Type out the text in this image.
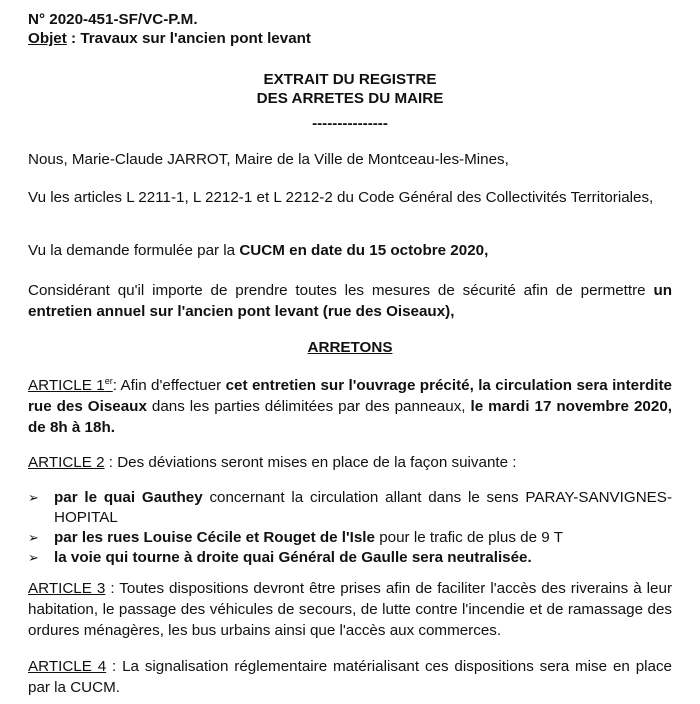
N° 2020-451-SF/VC-P.M.
Objet : Travaux sur l'ancien pont levant
EXTRAIT DU REGISTRE
DES ARRETES DU MAIRE
---------------
Nous, Marie-Claude JARROT, Maire de la Ville de Montceau-les-Mines,
Vu les articles L 2211-1, L 2212-1 et L 2212-2 du Code Général des Collectivités Territoriales,
Vu la demande formulée par la CUCM en date du 15 octobre 2020,
Considérant qu'il importe de prendre toutes les mesures de sécurité afin de permettre un entretien annuel sur l'ancien pont levant (rue des Oiseaux),
ARRETONS
ARTICLE 1er: Afin d'effectuer cet entretien sur l'ouvrage précité, la circulation sera interdite rue des Oiseaux dans les parties délimitées par des panneaux, le mardi 17 novembre 2020, de 8h à 18h.
ARTICLE 2 : Des déviations seront mises en place de la façon suivante :
➢ par le quai Gauthey concernant la circulation allant dans le sens PARAY-SANVIGNES- HOPITAL
➢ par les rues Louise Cécile et Rouget de l'Isle pour le trafic de plus de 9 T
➢ la voie qui tourne à droite quai Général de Gaulle sera neutralisée.
ARTICLE 3 : Toutes dispositions devront être prises afin de faciliter l'accès des riverains à leur habitation, le passage des véhicules de secours, de lutte contre l'incendie et de ramassage des ordures ménagères, les bus urbains ainsi que l'accès aux commerces.
ARTICLE 4 : La signalisation réglementaire matérialisant ces dispositions sera mise en place par la CUCM.
